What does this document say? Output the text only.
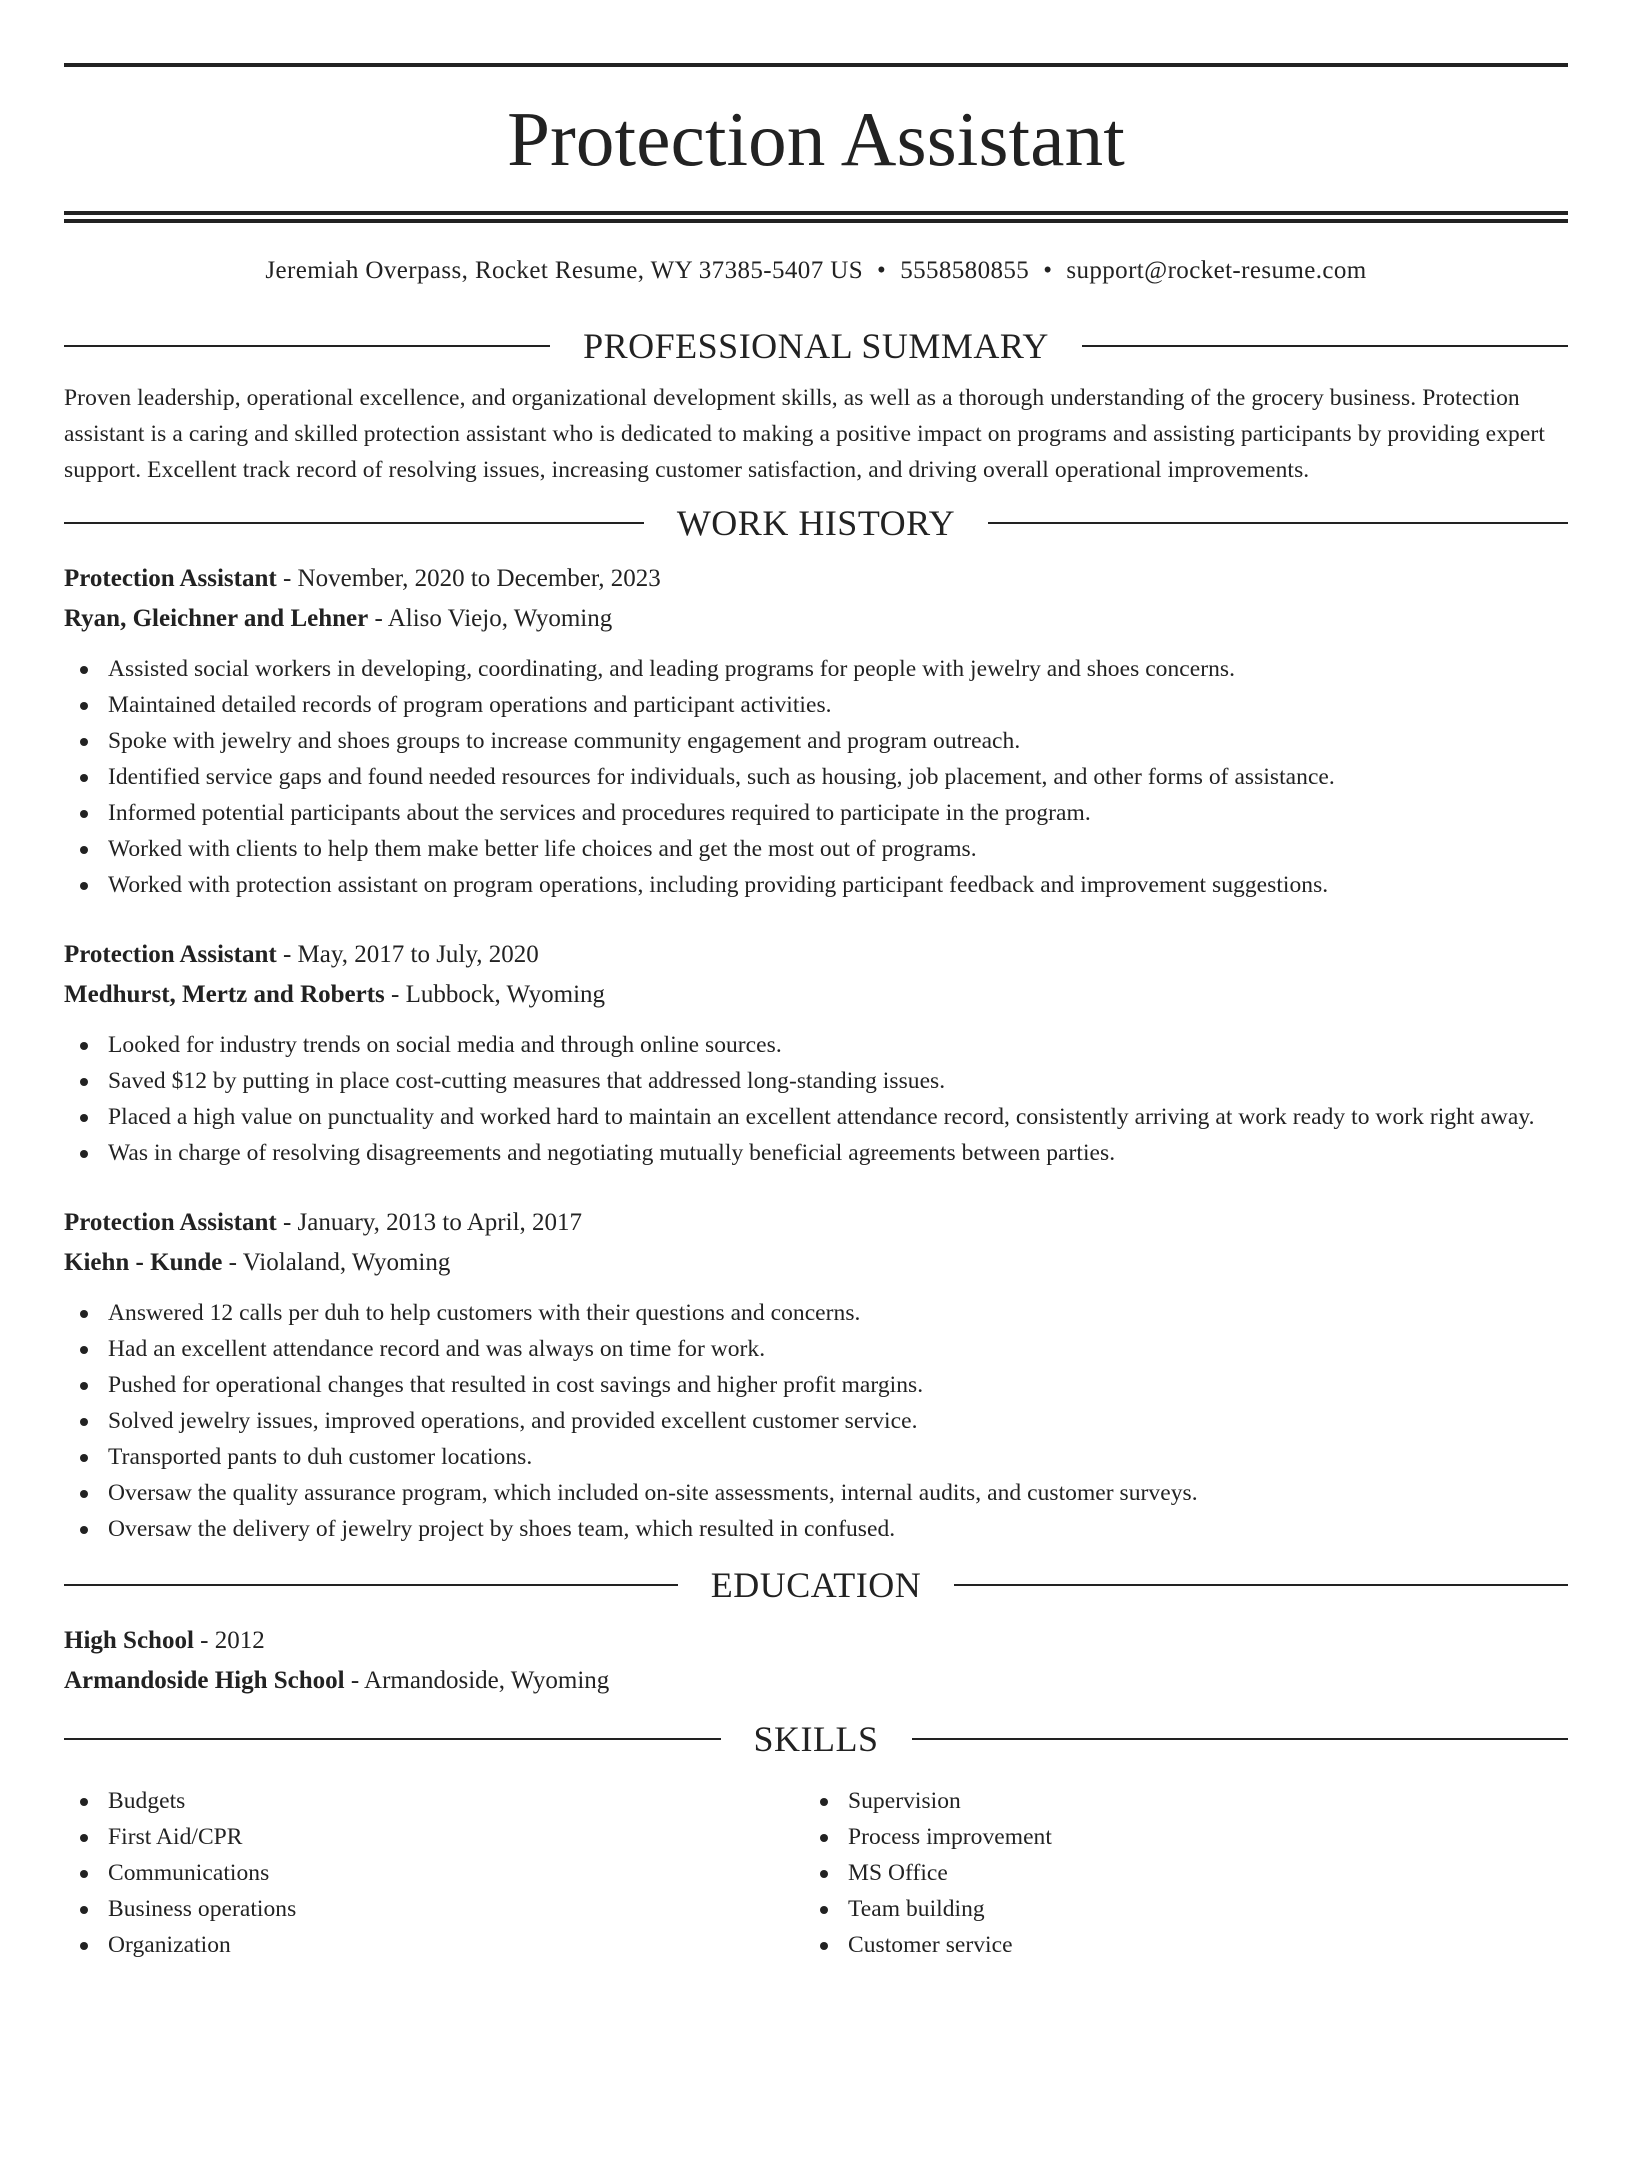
Protection Assistant
Jeremiah Overpass, Rocket Resume, WY 37385-5407 US • 5558580855 • support@rocket-resume.com
PROFESSIONAL SUMMARY
Proven leadership, operational excellence, and organizational development skills, as well as a thorough understanding of the grocery business. Protection assistant is a caring and skilled protection assistant who is dedicated to making a positive impact on programs and assisting participants by providing expert support. Excellent track record of resolving issues, increasing customer satisfaction, and driving overall operational improvements.
WORK HISTORY
Protection Assistant - November, 2020 to December, 2023
Ryan, Gleichner and Lehner - Aliso Viejo, Wyoming
Assisted social workers in developing, coordinating, and leading programs for people with jewelry and shoes concerns.
Maintained detailed records of program operations and participant activities.
Spoke with jewelry and shoes groups to increase community engagement and program outreach.
Identified service gaps and found needed resources for individuals, such as housing, job placement, and other forms of assistance.
Informed potential participants about the services and procedures required to participate in the program.
Worked with clients to help them make better life choices and get the most out of programs.
Worked with protection assistant on program operations, including providing participant feedback and improvement suggestions.
Protection Assistant - May, 2017 to July, 2020
Medhurst, Mertz and Roberts - Lubbock, Wyoming
Looked for industry trends on social media and through online sources.
Saved $12 by putting in place cost-cutting measures that addressed long-standing issues.
Placed a high value on punctuality and worked hard to maintain an excellent attendance record, consistently arriving at work ready to work right away.
Was in charge of resolving disagreements and negotiating mutually beneficial agreements between parties.
Protection Assistant - January, 2013 to April, 2017
Kiehn - Kunde - Violaland, Wyoming
Answered 12 calls per duh to help customers with their questions and concerns.
Had an excellent attendance record and was always on time for work.
Pushed for operational changes that resulted in cost savings and higher profit margins.
Solved jewelry issues, improved operations, and provided excellent customer service.
Transported pants to duh customer locations.
Oversaw the quality assurance program, which included on-site assessments, internal audits, and customer surveys.
Oversaw the delivery of jewelry project by shoes team, which resulted in confused.
EDUCATION
High School - 2012
Armandoside High School - Armandoside, Wyoming
SKILLS
Budgets
First Aid/CPR
Communications
Business operations
Organization
Supervision
Process improvement
MS Office
Team building
Customer service
